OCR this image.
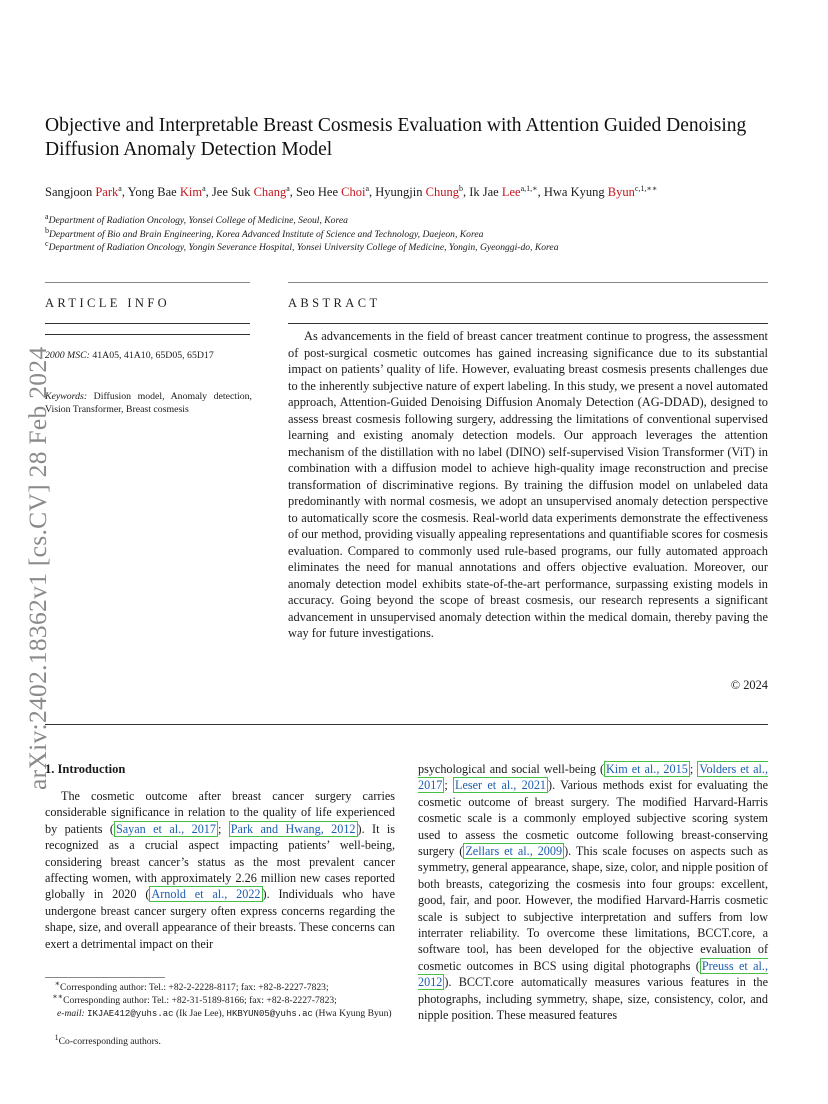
arXiv:2402.18362v1 [cs.CV] 28 Feb 2024
Objective and Interpretable Breast Cosmesis Evaluation with Attention Guided Denoising Diffusion Anomaly Detection Model
Sangjoon Park$^a$, Yong Bae Kim$^a$, Jee Suk Chang$^a$, Seo Hee Choi$^a$, Hyungjin Chung$^b$, Ik Jae Lee$^{a,1,∗}$, Hwa Kyung Byun$^{c,1,∗∗}$
$^a$Department of Radiation Oncology, Yonsei College of Medicine, Seoul, Korea
$^b$Department of Bio and Brain Engineering, Korea Advanced Institute of Science and Technology, Daejeon, Korea
$^c$Department of Radiation Oncology, Yongin Severance Hospital, Yonsei University College of Medicine, Yongin, Gyeonggi-do, Korea
ARTICLE INFO
2000 MSC: 41A05, 41A10, 65D05, 65D17
Keywords: Diffusion model, Anomaly detection, Vision Transformer, Breast cosmesis
ABSTRACT
As advancements in the field of breast cancer treatment continue to progress, the assessment of post-surgical cosmetic outcomes has gained increasing significance due to its substantial impact on patients’ quality of life. However, evaluating breast cosmesis presents challenges due to the inherently subjective nature of expert labeling. In this study, we present a novel automated approach, Attention-Guided Denoising Diffusion Anomaly Detection (AG-DDAD), designed to assess breast cosmesis following surgery, addressing the limitations of conventional supervised learning and existing anomaly detection models. Our approach leverages the attention mechanism of the distillation with no label (DINO) self-supervised Vision Transformer (ViT) in combination with a diffusion model to achieve high-quality image reconstruction and precise transformation of discriminative regions. By training the diffusion model on unlabeled data predominantly with normal cosmesis, we adopt an unsupervised anomaly detection perspective to automatically score the cosmesis. Real-world data experiments demonstrate the effectiveness of our method, providing visually appealing representations and quantifiable scores for cosmesis evaluation. Compared to commonly used rule-based programs, our fully automated approach eliminates the need for manual annotations and offers objective evaluation. Moreover, our anomaly detection model exhibits state-of-the-art performance, surpassing existing models in accuracy. Going beyond the scope of breast cosmesis, our research represents a significant advancement in unsupervised anomaly detection within the medical domain, thereby paving the way for future investigations.
© 2024
1. Introduction

The cosmetic outcome after breast cancer surgery carries considerable significance in relation to the quality of life experienced by patients ( Sayan et al., 2017 ; Park and Hwang, 2012 ). It is recognized as a crucial aspect impacting patients’ well-being, considering breast cancer’s status as the most prevalent cancer affecting women, with approximately 2.26 million new cases reported globally in 2020 ( Arnold et al., 2022 ). Individuals who have undergone breast cancer surgery often express concerns regarding the shape, size, and overall appearance of their breasts. These concerns can exert a detrimental impact on their

psychological and social well-being ( Kim et al., 2015 ; Volders et al., 2017 ; Leser et al., 2021 ). Various methods exist for evaluating the cosmetic outcome of breast surgery. The modified Harvard-Harris cosmetic scale is a commonly employed subjective scoring system used to assess the cosmetic outcome following breast-conserving surgery ( Zellars et al., 2009 ). This scale focuses on aspects such as symmetry, general appearance, shape, size, color, and nipple position of both breasts, categorizing the cosmesis into four groups: excellent, good, fair, and poor. However, the modified Harvard-Harris cosmetic scale is subject to subjective interpretation and suffers from low interrater reliability. To overcome these limitations, BCCT.core, a software tool, has been developed for the objective evaluation of cosmetic outcomes in BCS using digital photographs ( Preuss et al., 2012 ). BCCT.core automatically measures various features in the photographs, including symmetry, shape, size, consistency, color, and nipple position. These measured features

∗Corresponding author: Tel.: +82-2-2228-8117; fax: +82-8-2227-7823;
∗∗Corresponding author: Tel.: +82-31-5189-8166; fax: +82-8-2227-7823;
e-mail: IKJAE412@yuhs.ac (Ik Jae Lee), HKBYUN05@yuhs.ac (Hwa Kyung Byun)
$^1$Co-corresponding authors.
